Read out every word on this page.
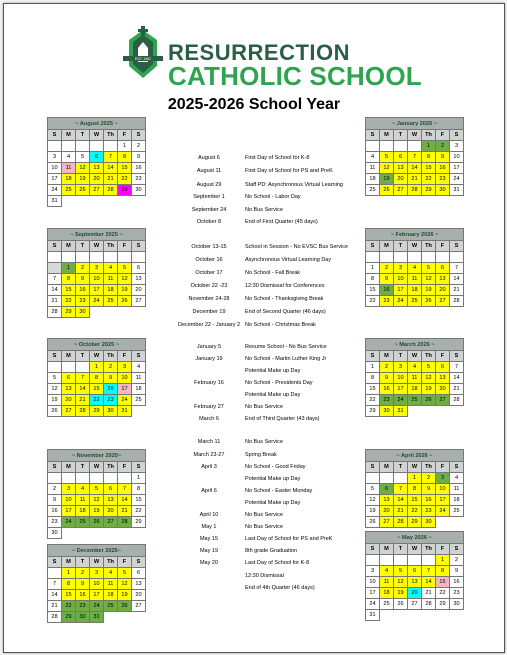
EST. 1962 RESURRECTION
CATHOLIC SCHOOL
2025-2026 School Year
~ August 2025 ~						
S	M	T	W	Th	F	S
					1	2
3	4	5	6	7	8	9
10	11	12	13	14	15	16
17	18	19	20	21	22	23
24	25	26	27	28	29	30
31						
~ September 2025 ~						
S	M	T	W	Th	F	S

	1	2	3	4	5	6
7	8	9	10	11	12	13
14	15	16	17	18	19	20
21	22	23	24	25	26	27
28	29	30				
~ October 2025 ~						
S	M	T	W	Th	F	S
			1	2	3	4
5	6	7	8	9	10	11
12	13	14	15	16	17	18
19	20	21	22	23	24	25
26	27	28	29	30	31	
~ November 2025~						
S	M	T	W	Th	F	S
						1
2	3	4	5	6	7	8
9	10	11	12	13	14	15
16	17	18	19	20	21	22
23	24	25	26	27	28	29
30						
~ December 2025~						
S	M	T	W	Th	F	S
	1	2	3	4	5	6
7	8	9	10	11	12	13
14	15	16	17	18	19	20
21	22	23	24	25	26	27
28	29	30	31			
~ January 2026 ~						
S	M	T	W	Th	F	S
				1	2	3
4	5	6	7	8	9	10
11	12	13	14	15	16	17
18	19	20	21	22	23	24
25	26	27	28	29	30	31
~ February 2026 ~						
S	M	T	W	Th	F	S

1	2	3	4	5	6	7
8	9	10	11	12	13	14
15	16	17	18	19	20	21
22	23	24	25	26	27	28
~ March 2026 ~						
S	M	T	W	Th	F	S
1	2	3	4	5	6	7
8	9	10	11	12	13	14
15	16	17	18	19	20	21
22	23	24	25	26	27	28
29	30	31				
~ April 2026 ~						
S	M	T	W	Th	F	S
			1	2	3	4
5	6	7	8	9	10	11
12	13	14	15	16	17	18
19	20	21	22	23	24	25
26	27	28	29	30		
~ May 2026 ~						
S	M	T	W	Th	F	S
					1	2
3	4	5	6	7	8	9
10	11	12	13	14	15	16
17	18	19	20	21	22	23
24	25	26	27	28	29	30
31						
August 6	First Day of School for K-8
August 11	First Day of School for PS and PreK
August 29	Staff PD: Asynchronous Virtual Learning
September 1	No School - Labor Day
September 24	No Bus Service
October 8	End of First Quarter (45 days)
October 13-15	School in Session - No EVSC Bus Service
October 16	Asynchronous Virtual Learning Day
October 17	No School - Fall Break
October 22 -23	12:30 Dismissal for Conferences
November 24-28	No School - Thanksgiving Break
December 19	End of Second Quarter (46 days)
December 22 - January 2 No School - Christmas Break
January 5	Resume School - No Bus Service
January 19	No School - Martin Luther King Jr
Potential Make up Day
February 16	No School - Presidents Day
Potential Make up Day
February 27	No Bus Service
March 6	End of Third Quarter (43 days)
March 11	No Bus Service
March 23-27	Spring Break
April 3	No School - Good Friday
Potential Make up Day
April 6	No School - Easter Monday
Potential Make up Day
April 10	No Bus Service
May 1	No Bus Service
May 15	Last Day of School for PS and PreK
May 19	8th grade Graduation
May 20	Last Day of School for K-8
12:30 Dismissal
End of 4th Quarter (46 days)
